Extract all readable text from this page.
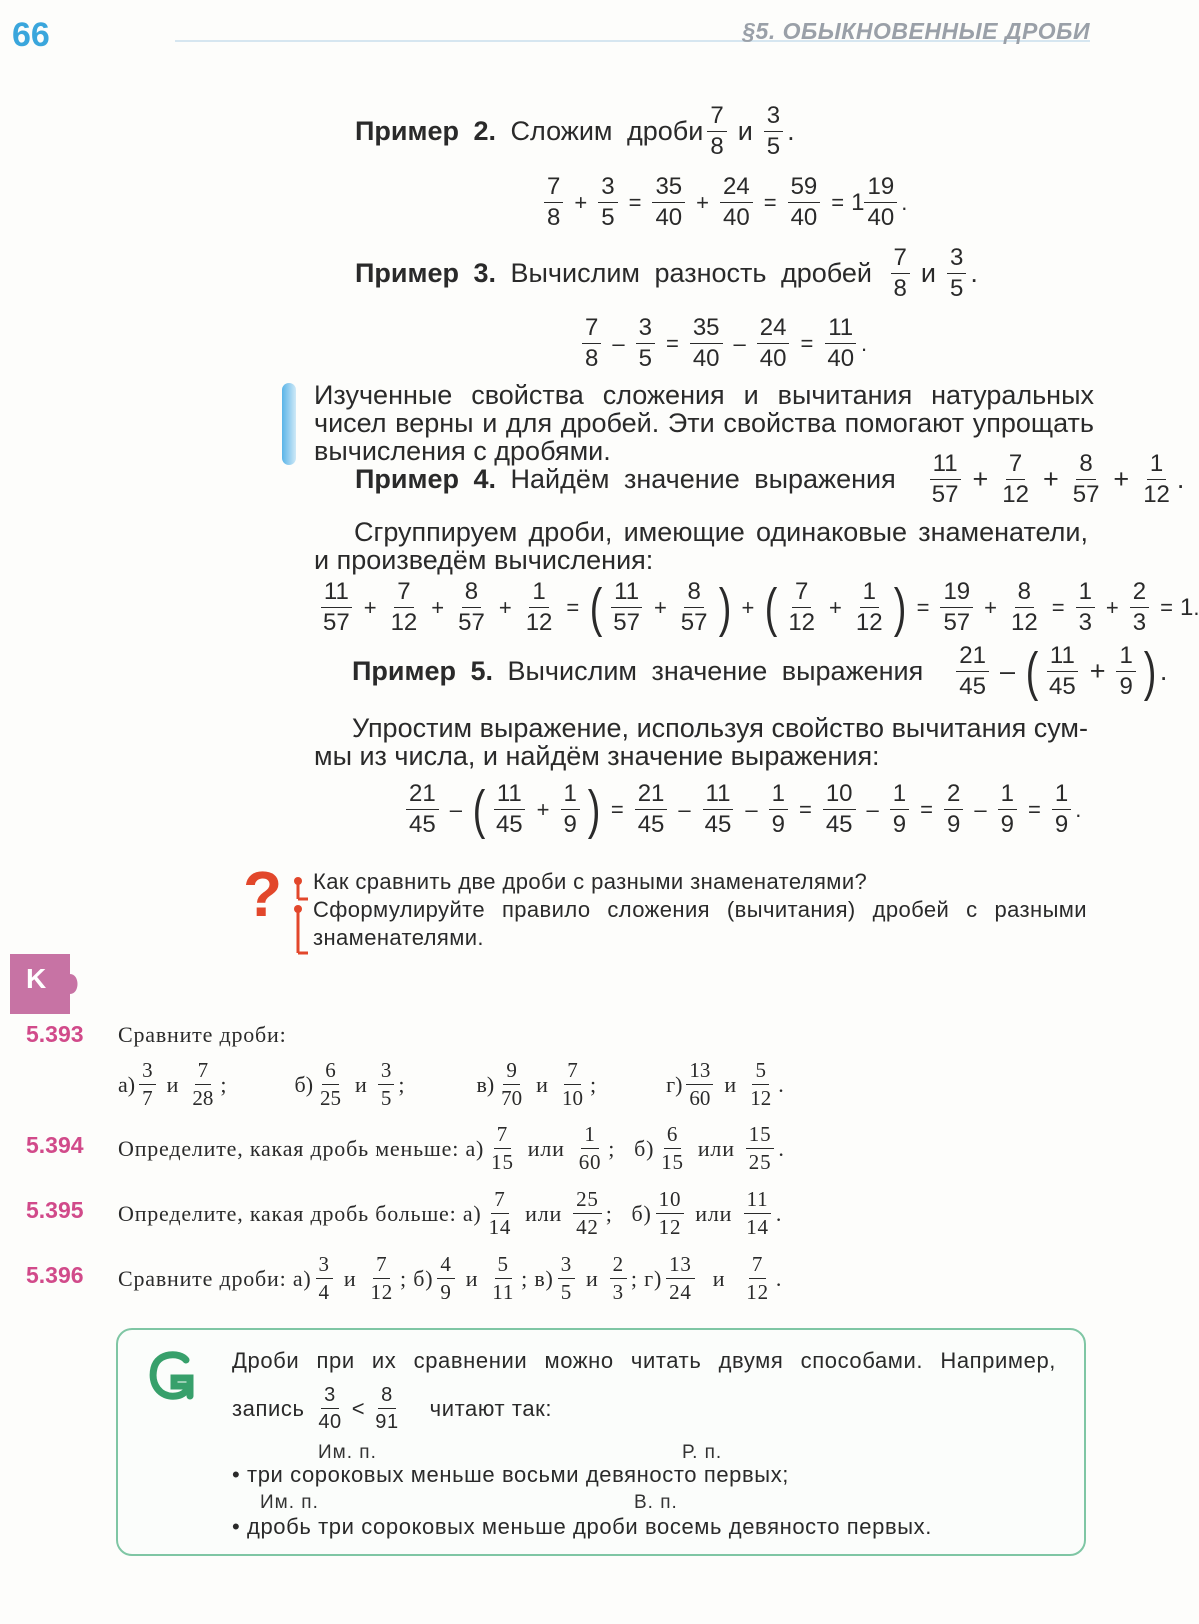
66	§5. ОБЫКНОВЕННЫЕ ДРОБИ
Пример 2.
Сложим дроби $\frac{7}{8}$ и $\frac{3}{5}$ .
$\frac{7}{8} + \frac{3}{5} = \frac{35}{40} + \frac{24}{40} = \frac{59}{40} = 1 \frac{19}{40}$ .
Пример 3.
Вычислим разность дробей
$\frac{7}{8}$ и $\frac{3}{5}$ .
$\frac{7}{8} - \frac{3}{5} = \frac{35}{40} - \frac{24}{40} = \frac{11}{40}$ .
Изученные свойства сложения и вычитания натуральных
чисел верны и для дробей. Эти свойства помогают упрощать
вычисления с дробями.
Пример 4.
Найдём значение выражения
$\frac{11}{57} + \frac{7}{12} + \frac{8}{57} + \frac{1}{12}$ .
Сгруппируем дроби, имеющие одинаковые знаменатели,
и произведём вычисления:
$\frac{11}{57} + \frac{7}{12} + \frac{8}{57} + \frac{1}{12}$ = ( $\frac{11}{57} + \frac{8}{57}$ ) + ( $\frac{7}{12} + \frac{1}{12}$ ) = $\frac{19}{57} + \frac{8}{12} = \frac{1}{3} + \frac{2}{3} = 1$ .
Пример 5.
Вычислим значение выражения
$\frac{21}{45}$ – ( $\frac{11}{45} + \frac{1}{9}$ ) .
Упростим выражение, используя свойство вычитания сум-
мы из числа, и найдём значение выражения:
$\frac{21}{45}$ – ( $\frac{11}{45} + \frac{1}{9}$ ) = $\frac{21}{45} - \frac{11}{45} - \frac{1}{9} = \frac{10}{45} - \frac{1}{9} = \frac{2}{9} - \frac{1}{9} = \frac{1}{9}$ .
? Как сравнить две дроби с разными знаменателями?
Сформулируйте правило сложения (вычитания) дробей с разными
знаменателями.
K
5.393 Сравните дроби:
$а) \frac{3}{7}$ и $\frac{7}{28}$ ;	$б) \frac{6}{25}$ и $\frac{3}{5}$ ;	$в) \frac{9}{70}$ и $\frac{7}{10}$ ;	$г) \frac{13}{60}$ и $\frac{5}{12}$ .
5.394 Определите, какая дробь меньше:
$а) \frac{7}{15}$ или $\frac{1}{60}$ ;
$б) \frac{6}{15}$ или $\frac{15}{25}$ .
5.395 Определите, какая дробь больше:
$а) \frac{7}{14}$ или $\frac{25}{42}$ ;
$б) \frac{10}{12}$ или $\frac{11}{14}$ .
5.396 Сравните дроби:
$а) \frac{3}{4}$ и $\frac{7}{12}$ ;
$б) \frac{4}{9}$ и $\frac{5}{11}$ ;
$в) \frac{3}{5}$ и $\frac{2}{3}$ ;
$г) \frac{13}{24}$ и $\frac{7}{12}$ .
Дроби при их сравнении можно читать двумя способами. Например,
запись
$\frac{3}{40} < \frac{8}{91}$ читают так:
Им. п.	Р. п.
• три сороковых меньше восьми девяносто первых;
Им. п.	В. п.
• дробь три сороковых меньше дроби восемь девяносто первых.
